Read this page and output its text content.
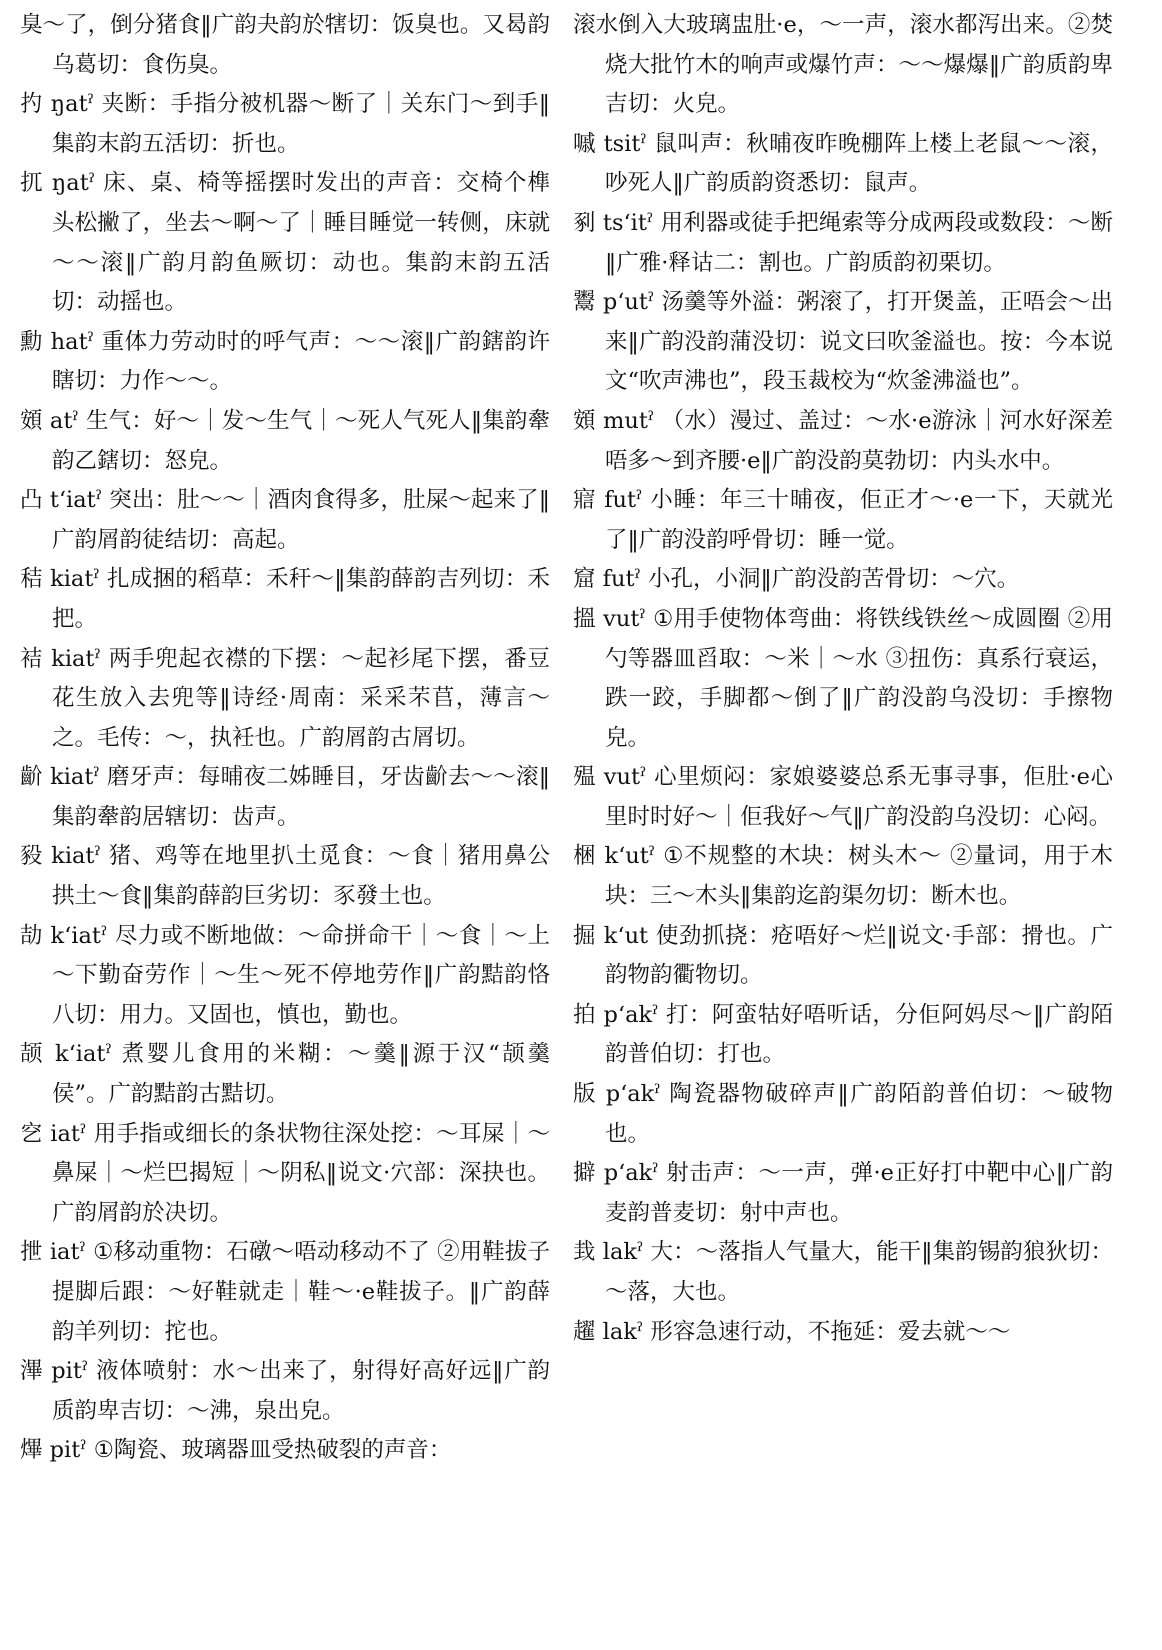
臭～了，倒分猪食‖广韵夬韵於犗切：饭臭也。又曷韵乌葛切：食伤臭。

扚 ŋatˀ 夹断：手指分被机器～断了｜关东门～到手‖集韵末韵五活切：折也。

扤 ŋatˀ 床、桌、椅等摇摆时发出的声音：交椅个榫头松撇了，坐去～啊～了｜睡目睡觉一转侧，床就～～滚‖广韵月韵鱼厥切：动也。集韵末韵五活切：动摇也。

勳 hatˀ 重体力劳动时的呼气声：～～滚‖广韵鎋韵许瞎切：力作～～。

頞 atˀ 生气：好～｜发～生气｜～死人气死人‖集韵舝韵乙鎋切：怒皃。

凸 tʻiatˀ 突出：肚～～｜酒肉食得多，肚屎～起来了‖广韵屑韵徒结切：高起。

秸 kiatˀ 扎成捆的稻草：禾秆～‖集韵薛韵吉列切：禾把。

袺 kiatˀ 两手兜起衣襟的下摆：～起衫尾下摆，番豆花生放入去兜等‖诗经·周南：采采芣苢，薄言～之。毛传：～，执衽也。广韵屑韵古屑切。

齘 kiatˀ 磨牙声：每晡夜二姊睡目，牙齿齘去～～滚‖集韵舝韵居辖切：齿声。

豛 kiatˀ 猪、鸡等在地里扒土觅食：～食｜猪用鼻公拱土～食‖集韵薛韵巨劣切：豕發土也。

劼 kʻiatˀ 尽力或不断地做：～命拼命干｜～食｜～上～下勤奋劳作｜～生～死不停地劳作‖广韵黠韵恪八切：用力。又固也，慎也，勤也。

颉 kʻiatˀ 煮婴儿食用的米糊：～羹‖源于汉“颉羹侯”。广韵黠韵古黠切。

穵 iatˀ 用手指或细长的条状物往深处挖：～耳屎｜～鼻屎｜～烂巴揭短｜～阴私‖说文·穴部：深抉也。广韵屑韵於决切。

抴 iatˀ ①移动重物：石礅～唔动移动不了 ②用鞋拔子提脚后跟：～好鞋就走｜鞋～·e鞋拔子。‖广韵薛韵羊列切：拕也。

滭 pitˀ 液体喷射：水～出来了，射得好高好远‖广韵质韵卑吉切：～沸，泉出皃。

熚 pitˀ ①陶瓷、玻璃器皿受热破裂的声音：

滚水倒入大玻璃盅肚·e，～一声，滚水都泻出来。②焚烧大批竹木的响声或爆竹声：～～爆爆‖广韵质韵卑吉切：火皃。

嘁 tsitˀ 鼠叫声：秋晡夜昨晚棚阵上楼上老鼠～～滚，吵死人‖广韵质韵资悉切：鼠声。

剢 tsʻitˀ 用利器或徒手把绳索等分成两段或数段：～断‖广雅·释诂二：割也。广韵质韵初栗切。

鬻 pʻutˀ 汤羹等外溢：粥滚了，打开煲盖，正唔会～出来‖广韵没韵蒲没切：说文曰吹釜溢也。按：今本说文“吹声沸也”，段玉裁校为“炊釜沸溢也”。

頞 mutˀ （水）漫过、盖过：～水·e游泳｜河水好深差唔多～到齐腰·e‖广韵没韵莫勃切：内头水中。

寣 futˀ 小睡：年三十晡夜，佢正才～·e一下，天就光了‖广韵没韵呼骨切：睡一觉。

窟 futˀ 小孔，小洞‖广韵没韵苦骨切：～穴。

搵 vutˀ ①用手使物体弯曲：将铁线铁丝～成圆圈 ②用勺等器皿舀取：～米｜～水 ③扭伤：真系行衰运，跌一跤，手脚都～倒了‖广韵没韵乌没切：手擦物皃。

殟 vutˀ 心里烦闷：家娘婆婆总系无事寻事，佢肚·e心里时时好～｜佢我好～气‖广韵没韵乌没切：心闷。

梱 kʻutˀ ①不规整的木块：树头木～ ②量词，用于木块：三～木头‖集韵迄韵渠勿切：断木也。

掘 kʻut 使劲抓挠：疮唔好～烂‖说文·手部：搰也。广韵物韵衢物切。

拍 pʻakˀ 打：阿蛮牯好唔听话，分佢阿妈尽～‖广韵陌韵普伯切：打也。

版 pʻakˀ 陶瓷器物破碎声‖广韵陌韵普伯切：～破物也。

擗 pʻakˀ 射击声：～一声，弹·e正好打中靶中心‖广韵麦韵普麦切：射中声也。

㦳 lakˀ 大：～落指人气量大，能干‖集韵锡韵狼狄切：～落，大也。

趯 lakˀ 形容急速行动，不拖延：爱去就～～
